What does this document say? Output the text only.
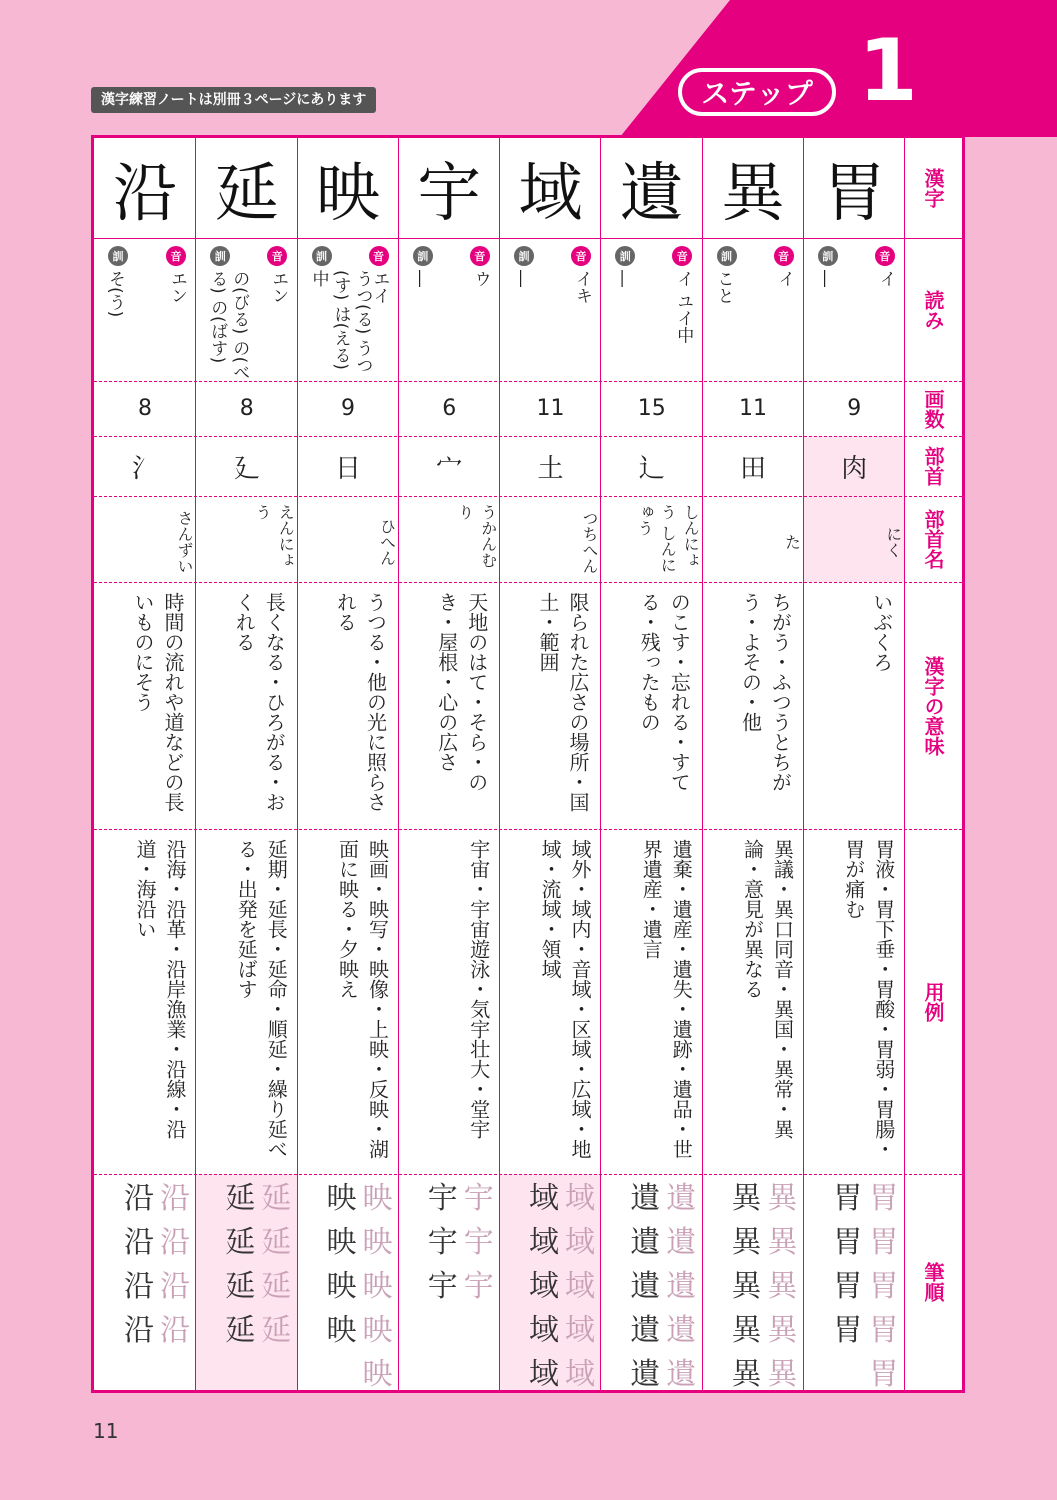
ステップ 1
漢字練習ノートは別冊３ページにあります
沿
音
訓
エン
そ(う)
8
氵
さんずい
時間の流れや道などの長いものにそう
沿海・沿革・沿岸漁業・沿線・沿道・海沿い
沿
沿
沿
沿
沿
沿
沿
沿
延
音
訓
エン
の(びる) の(べる) の(ばす)
8
廴
えんにょう
長くなる・ひろがる・おくれる
延期・延長・延命・順延・繰り延べる・出発を延ばす
延
延
延
延
延
延
延
延
映
音
訓
エイ
うつ(る) うつ(す) は(える)中
9
日
ひへん
うつる・他の光に照らされる
映画・映写・映像・上映・反映・湖面に映る・夕映え
映
映
映
映
映
映
映
映
映
宇
音
訓
ウ
―
6
宀
うかんむり
天地のはて・そら・のき・屋根・心の広さ
宇宙・宇宙遊泳・気宇壮大・堂宇
宇
宇
宇
宇
宇
宇
域
音
訓
イキ
―
11
土
つちへん
限られた広さの場所・国土・範囲
域外・域内・音域・区域・広域・地域・流域・領域
域
域
域
域
域
域
域
域
域
域
遺
音
訓
イ ユイ中
―
15
辶
しんにょう しんにゅう
のこす・忘れる・すてる・残ったもの
遺棄・遺産・遺失・遺跡・遺品・世界遺産・遺言
遺
遺
遺
遺
遺
遺
遺
遺
遺
遺
異
音
訓
イ
こと
11
田
た
ちがう・ふつうとちがう・よその・他
異議・異口同音・異国・異常・異論・意見が異なる
異
異
異
異
異
異
異
異
異
異
胃
音
訓
イ
―
9
肉
にく
いぶくろ
胃液・胃下垂・胃酸・胃弱・胃腸・胃が痛む
胃
胃
胃
胃
胃
胃
胃
胃
胃
漢字
読み
画数
部首
部首名
漢字の意味
用例
筆順
11
